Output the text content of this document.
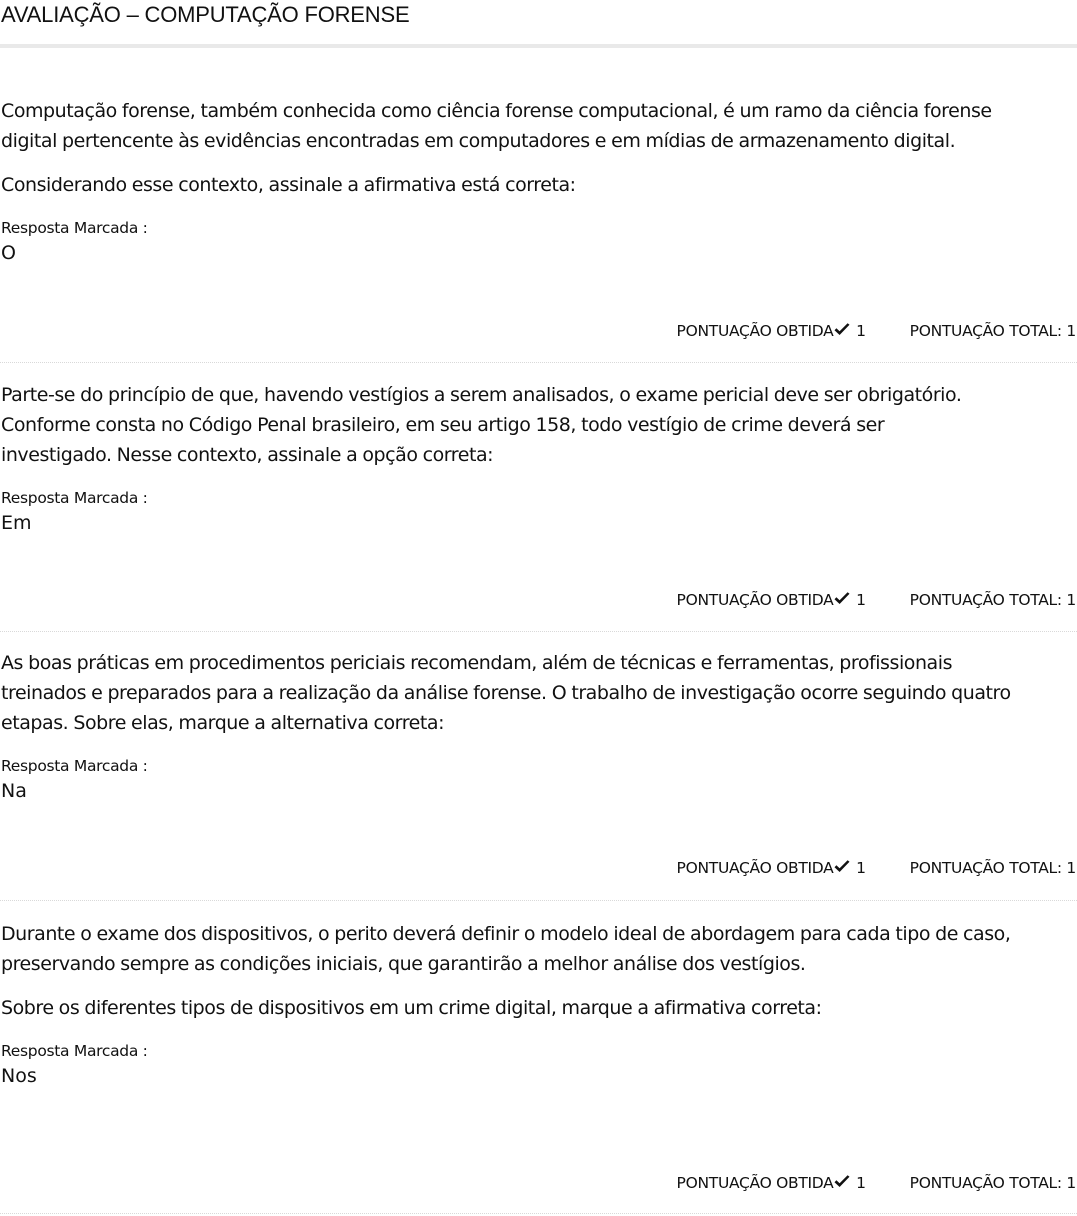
AVALIAÇÃO – COMPUTAÇÃO FORENSE

Computação forense, também conhecida como ciência forense computacional, é um ramo da ciência forense
digital pertencente às evidências encontradas em computadores e em mídias de armazenamento digital.

Considerando esse contexto, assinale a afirmativa está correta:

Resposta Marcada :
O
PONTUAÇÃO OBTIDA 1	PONTUAÇÃO TOTAL: 1

Parte-se do princípio de que, havendo vestígios a serem analisados, o exame pericial deve ser obrigatório.
Conforme consta no Código Penal brasileiro, em seu artigo 158, todo vestígio de crime deverá ser
investigado. Nesse contexto, assinale a opção correta:

Resposta Marcada :
Em
PONTUAÇÃO OBTIDA 1	PONTUAÇÃO TOTAL: 1

As boas práticas em procedimentos periciais recomendam, além de técnicas e ferramentas, profissionais
treinados e preparados para a realização da análise forense. O trabalho de investigação ocorre seguindo quatro
etapas. Sobre elas, marque a alternativa correta:

Resposta Marcada :
Na
PONTUAÇÃO OBTIDA 1	PONTUAÇÃO TOTAL: 1

Durante o exame dos dispositivos, o perito deverá definir o modelo ideal de abordagem para cada tipo de caso,
preservando sempre as condições iniciais, que garantirão a melhor análise dos vestígios.

Sobre os diferentes tipos de dispositivos em um crime digital, marque a afirmativa correta:

Resposta Marcada :
Nos
PONTUAÇÃO OBTIDA 1	PONTUAÇÃO TOTAL: 1
